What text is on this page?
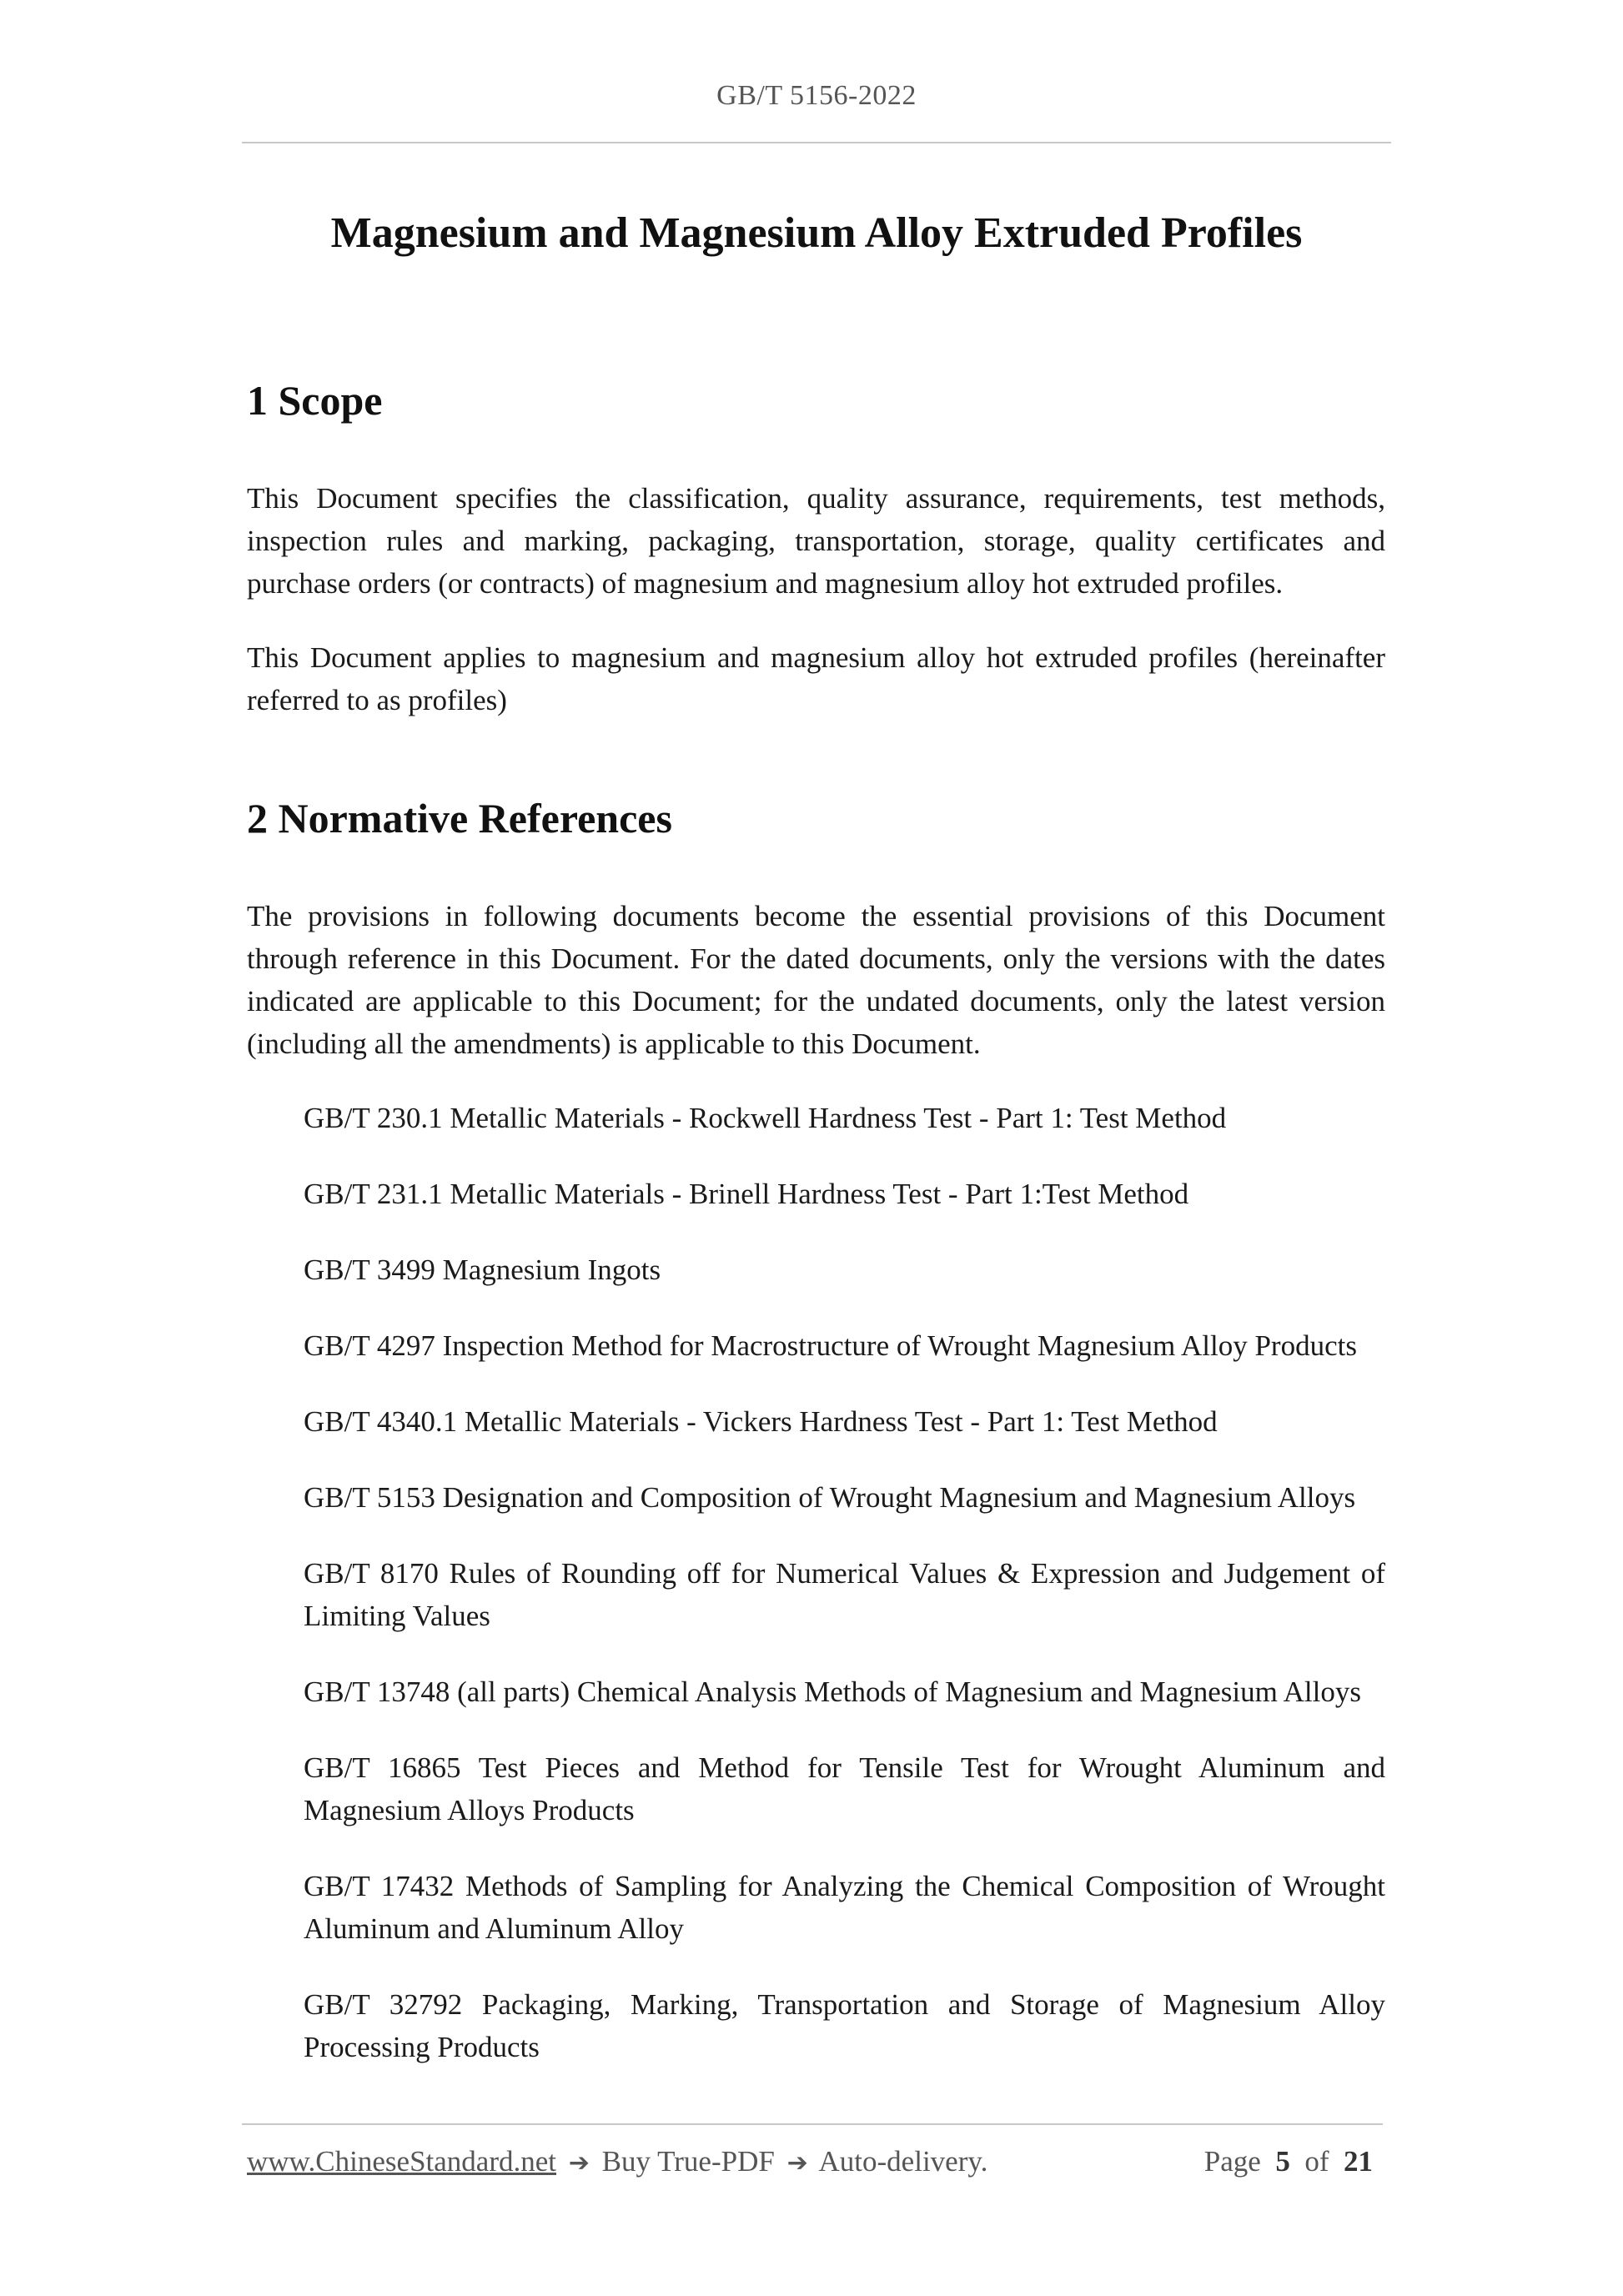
GB/T 5156-2022
Magnesium and Magnesium Alloy Extruded Profiles
1 Scope

This Document specifies the classification, quality assurance, requirements, test methods, inspection rules and marking, packaging, transportation, storage, quality certificates and purchase orders (or contracts) of magnesium and magnesium alloy hot extruded profiles.

This Document applies to magnesium and magnesium alloy hot extruded profiles (hereinafter referred to as profiles)

2 Normative References

The provisions in following documents become the essential provisions of this Document through reference in this Document. For the dated documents, only the versions with the dates indicated are applicable to this Document; for the undated documents, only the latest version (including all the amendments) is applicable to this Document.

GB/T 230.1 Metallic Materials - Rockwell Hardness Test - Part 1: Test Method
GB/T 231.1 Metallic Materials - Brinell Hardness Test - Part 1:Test Method
GB/T 3499 Magnesium Ingots
GB/T 4297 Inspection Method for Macrostructure of Wrought Magnesium Alloy Products
GB/T 4340.1 Metallic Materials - Vickers Hardness Test - Part 1: Test Method
GB/T 5153 Designation and Composition of Wrought Magnesium and Magnesium Alloys
GB/T 8170 Rules of Rounding off for Numerical Values & Expression and Judgement of Limiting Values
GB/T 13748 (all parts) Chemical Analysis Methods of Magnesium and Magnesium Alloys
GB/T 16865 Test Pieces and Method for Tensile Test for Wrought Aluminum and Magnesium Alloys Products
GB/T 17432 Methods of Sampling for Analyzing the Chemical Composition of Wrought Aluminum and Aluminum Alloy
GB/T 32792 Packaging, Marking, Transportation and Storage of Magnesium Alloy Processing Products
www.ChineseStandard.net ➔ Buy True-PDF ➔ Auto-delivery.	Page 5 of 21
